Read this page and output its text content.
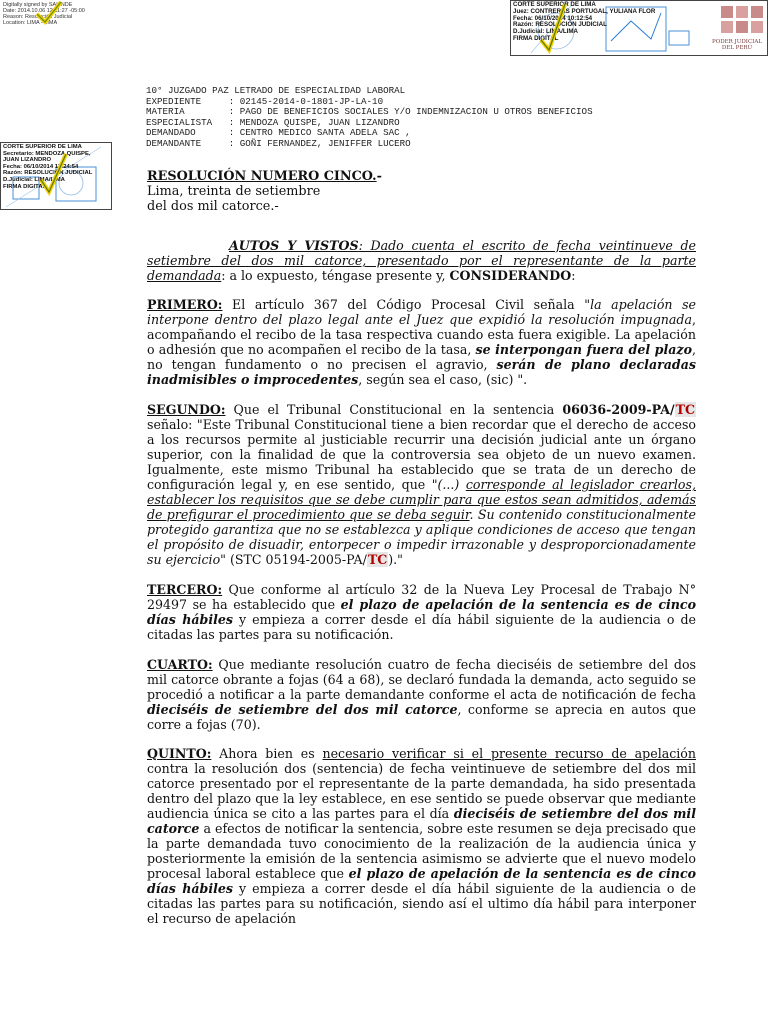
Digitally signed by SALINDE
Date: 2014.10.06 12:11:27 -05:00
Reason: Resolución Judicial
Location: LIMA - LIMA
CORTE SUPERIOR DE LIMA
Juez: CONTRERAS PORTUGAL, YULIANA FLOR
Fecha: 06/10/2014 10:12:54
Razón: RESOLUCIÓN JUDICIAL
D.Judicial: LIMA/LIMA
FIRMA DIGITAL
PODER JUDICIAL DEL PERÚ
CORTE SUPERIOR DE LIMA
Secretario: MENDOZA QUISPE,
JUAN LIZANDRO
Fecha: 06/10/2014 13:24:54
Razón: RESOLUCIÓN JUDICIAL
D.Judicial: LIMA/LIMA
FIRMA DIGITAL
10° JUZGADO PAZ LETRADO DE ESPECIALIDAD LABORAL
EXPEDIENTE     : 02145-2014-0-1801-JP-LA-10
MATERIA        : PAGO DE BENEFICIOS SOCIALES Y/O INDEMNIZACION U OTROS BENEFICIOS
ESPECIALISTA   : MENDOZA QUISPE, JUAN LIZANDRO
DEMANDADO      : CENTRO MEDICO SANTA ADELA SAC ,
DEMANDANTE     : GOÑI FERNANDEZ, JENIFFER LUCERO
RESOLUCIÓN NUMERO CINCO.-
Lima, treinta de setiembre
del dos mil catorce.-

AUTOS Y VISTOS: Dado cuenta el escrito de fecha veintinueve de setiembre del dos mil catorce, presentado por el representante de la parte demandada: a lo expuesto, téngase presente y, CONSIDERANDO:

PRIMERO: El artículo 367 del Código Procesal Civil señala "la apelación se interpone dentro del plazo legal ante el Juez que expidió la resolución impugnada, acompañando el recibo de la tasa respectiva cuando esta fuera exigible. La apelación o adhesión que no acompañen el recibo de la tasa, se interpongan fuera del plazo, no tengan fundamento o no precisen el agravio, serán de plano declaradas inadmisibles o improcedentes, según sea el caso, (sic) ".

SEGUNDO: Que el Tribunal Constitucional en la sentencia 06036-2009-PA/TC señalo: "Este Tribunal Constitucional tiene a bien recordar que el derecho de acceso a los recursos permite al justiciable recurrir una decisión judicial ante un órgano superior, con la finalidad de que la controversia sea objeto de un nuevo examen. Igualmente, este mismo Tribunal ha establecido que se trata de un derecho de configuración legal y, en ese sentido, que "(...) corresponde al legislador crearlos, establecer los requisitos que se debe cumplir para que estos sean admitidos, además de prefigurar el procedimiento que se deba seguir. Su contenido constitucionalmente protegido garantiza que no se establezca y aplique condiciones de acceso que tengan el propósito de disuadir, entorpecer o impedir irrazonable y desproporcionadamente su ejercicio" (STC 05194-2005-PA/TC)."

TERCERO: Que conforme al artículo 32 de la Nueva Ley Procesal de Trabajo N° 29497 se ha establecido que el plazo de apelación de la sentencia es de cinco días hábiles y empieza a correr desde el día hábil siguiente de la audiencia o de citadas las partes para su notificación.

CUARTO: Que mediante resolución cuatro de fecha dieciséis de setiembre del dos mil catorce obrante a fojas (64 a 68), se declaró fundada la demanda, acto seguido se procedió a notificar a la parte demandante conforme el acta de notificación de fecha dieciséis de setiembre del dos mil catorce, conforme se aprecia en autos que corre a fojas (70).

QUINTO: Ahora bien es necesario verificar si el presente recurso de apelación contra la resolución dos (sentencia) de fecha veintinueve de setiembre del dos mil catorce presentado por el representante de la parte demandada, ha sido presentada dentro del plazo que la ley establece, en ese sentido se puede observar que mediante audiencia única se cito a las partes para el día dieciséis de setiembre del dos mil catorce a efectos de notificar la sentencia, sobre este resumen se deja precisado que la parte demandada tuvo conocimiento de la realización de la audiencia única y posteriormente la emisión de la sentencia asimismo se advierte que el nuevo modelo procesal laboral establece que el plazo de apelación de la sentencia es de cinco días hábiles y empieza a correr desde el día hábil siguiente de la audiencia o de citadas las partes para su notificación, siendo así el ultimo día hábil para interponer el recurso de apelación
